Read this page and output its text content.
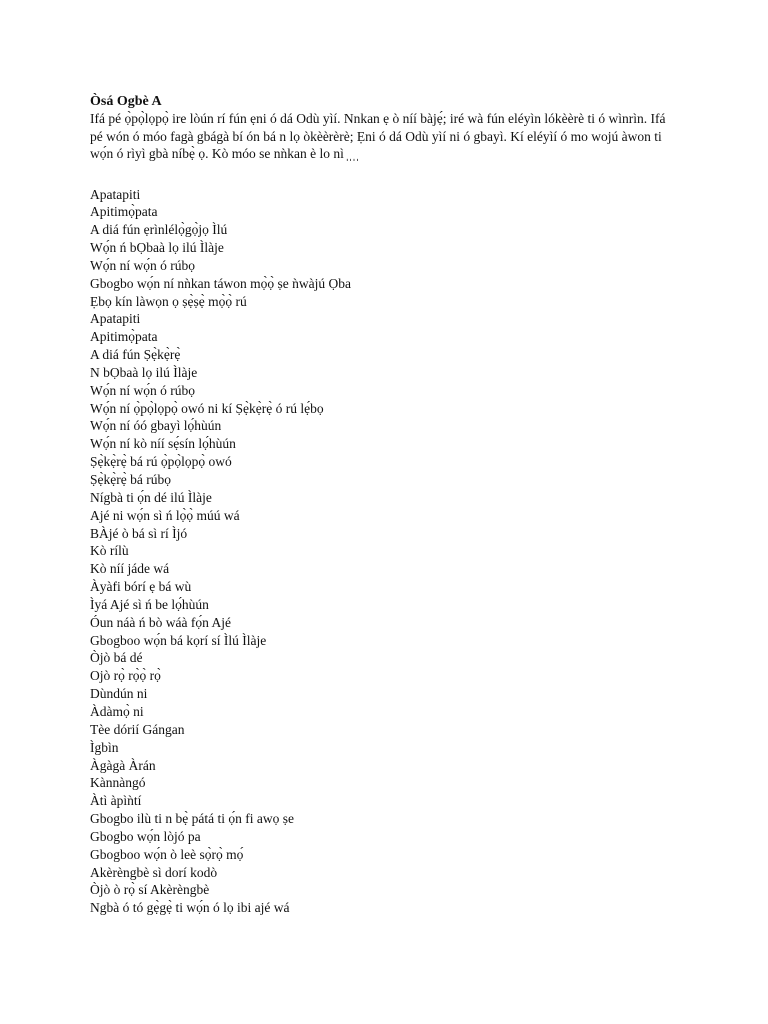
Òsá Ogbè A

Ifá pé ọ̀pọ̀lọpọ̀ ire lòún rí fún ẹni ó dá Odù yìí. Nnkan ẹ ò níí bàjẹ́; iré wà fún eléyìn lókèèrè ti ó wìnrìn. Ifá pé wón ó móo fagà gbágà bí ón bá n lọ òkèèrèrè; Ẹni ó dá Odù yìí ni ó gbayì. Kí eléyìí ó mo wojú àwon ti wọ́n ó rìyì gbà níbẹ̀ ọ. Kò móo se nǹkan è lo nì ̩ ̩ ̩ ̩

Apatapiti
Apitimọ̀pata
A diá fún ẹrìnlélọ̀gọ̀jọ Ìlú
Wọ́n ń bỌbaà lọ ilú Ìlàje
Wọ́n ní wọ́n ó rúbọ
Gbogbo wọ́n ní nǹkan táwon mọ̀ọ̀ ṣe ǹwàjú Ọba
Ẹbọ kín làwọn ọ ṣẹ̀ṣẹ̀ mọ̀ọ̀ rú
Apatapiti
Apitimọ̀pata
A diá fún Ṣẹ̀kẹ̀rẹ̀
N bỌbaà lọ ilú Ìlàje
Wọ́n ní wọ́n ó rúbọ
Wọ́n ní ọ̀pọ̀lọpọ̀ owó ni kí Ṣẹ̀kẹ̀rẹ̀ ó rú lẹ́bọ
Wọ́n ní óó gbayì lọ́hùún
Wọ́n ní kò níí sẹ́sín lọ́hùún
Ṣẹ̀kẹ̀rẹ̀ bá rú ọ̀pọ̀lọpọ̀ owó
Ṣẹ̀kẹ̀rẹ̀ bá rúbọ
Nígbà ti ọ́n dé ilú Ìlàje
Ajé ni wọ́n sì ń lọ̀ọ̀ múú wá
BÀjé ò bá sì rí Ìjó
Kò rílù
Kò níí jáde wá
Àyàfi bórí ẹ bá wù
Ìyá Ajé sì ń be lọ́hùún
Óun náà ń bò wáà fọ́n Ajé
Gbogboo wọ́n bá kọrí sí Ìlú Ìlàje
Òjò bá dé
Ojò rọ̀ rọ̀ọ̀ rọ̀
Dùndún ni
Àdàmọ̀ ni
Tèe dórií Gángan
Ìgbìn
Àgàgà Àrán
Kànnàngó
Àtì àpìǹtí
Gbogbo ilù ti n bẹ̀ pátá ti ọ́n fi awọ ṣe
Gbogbo wọ́n lòjó pa
Gbogboo wọ́n ò leè sọ̀rọ̀ mọ́
Akèrèngbè sì dorí kodò
Òjò ò rọ̀ sí Akèrèngbè
Ngbà ó tó gẹ̀gẹ̀ ti wọ́n ó lọ ibi ajé wá
